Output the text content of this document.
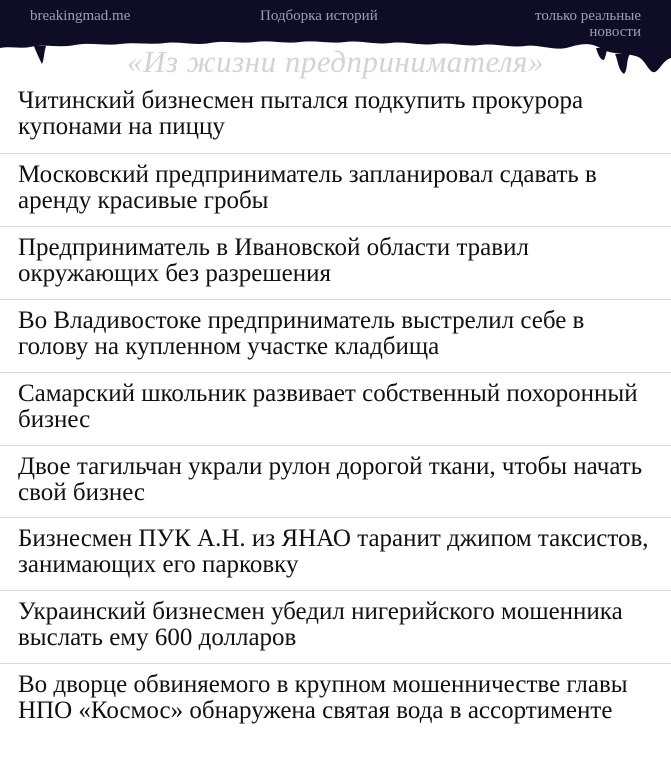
breakingmad.me	Подборка историй	только реальные
новости
«Из жизни предпринимателя»
Читинский бизнесмен пытался подкупить прокурора купонами на пиццу
Московский предприниматель запланировал сдавать в аренду красивые гробы
Предприниматель в Ивановской области травил окружающих без разрешения
Во Владивостоке предприниматель выстрелил себе в голову на купленном участке кладбища
Самарский школьник развивает собственный похоронный бизнес
Двое тагильчан украли рулон дорогой ткани, чтобы начать свой бизнес
Бизнесмен ПУК А.Н. из ЯНАО таранит джипом таксистов, занимающих его парковку
Украинский бизнесмен убедил нигерийского мошенника выслать ему 600 долларов
Во дворце обвиняемого в крупном мошенничестве главы НПО «Космос» обнаружена святая вода в ассортименте
